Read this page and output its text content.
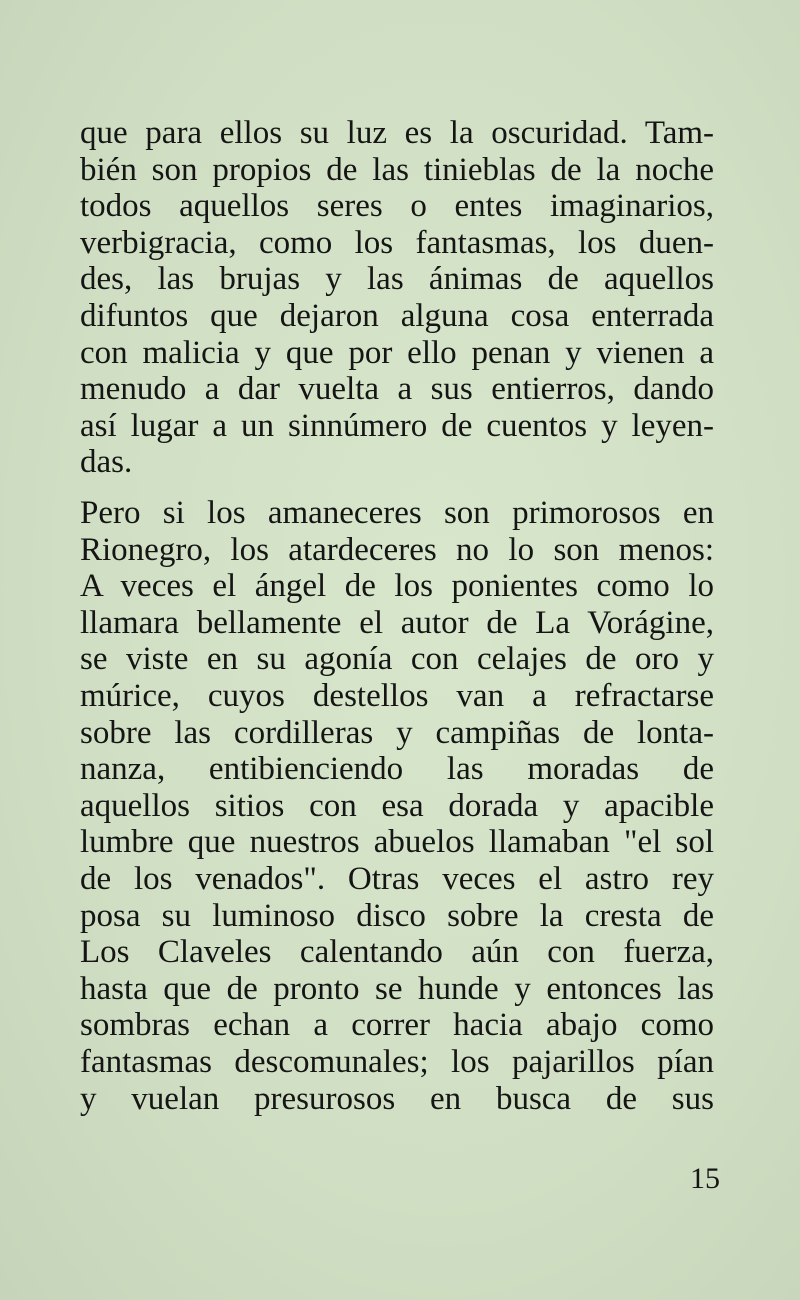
que para ellos su luz es la oscuridad. Tam-
bién son propios de las tinieblas de la noche
todos aquellos seres o entes imaginarios,
verbigracia, como los fantasmas, los duen-
des, las brujas y las ánimas de aquellos
difuntos que dejaron alguna cosa enterrada
con malicia y que por ello penan y vienen a
menudo a dar vuelta a sus entierros, dando
así lugar a un sinnúmero de cuentos y leyen-
das.
Pero si los amaneceres son primorosos en
Rionegro, los atardeceres no lo son menos:
A veces el ángel de los ponientes como lo
llamara bellamente el autor de La Vorágine,
se viste en su agonía con celajes de oro y
múrice, cuyos destellos van a refractarse
sobre las cordilleras y campiñas de lonta-
nanza, entibienciendo las moradas de
aquellos sitios con esa dorada y apacible
lumbre que nuestros abuelos llamaban "el sol
de los venados". Otras veces el astro rey
posa su luminoso disco sobre la cresta de
Los Claveles calentando aún con fuerza,
hasta que de pronto se hunde y entonces las
sombras echan a correr hacia abajo como
fantasmas descomunales; los pajarillos pían
y vuelan presurosos en busca de sus
15
